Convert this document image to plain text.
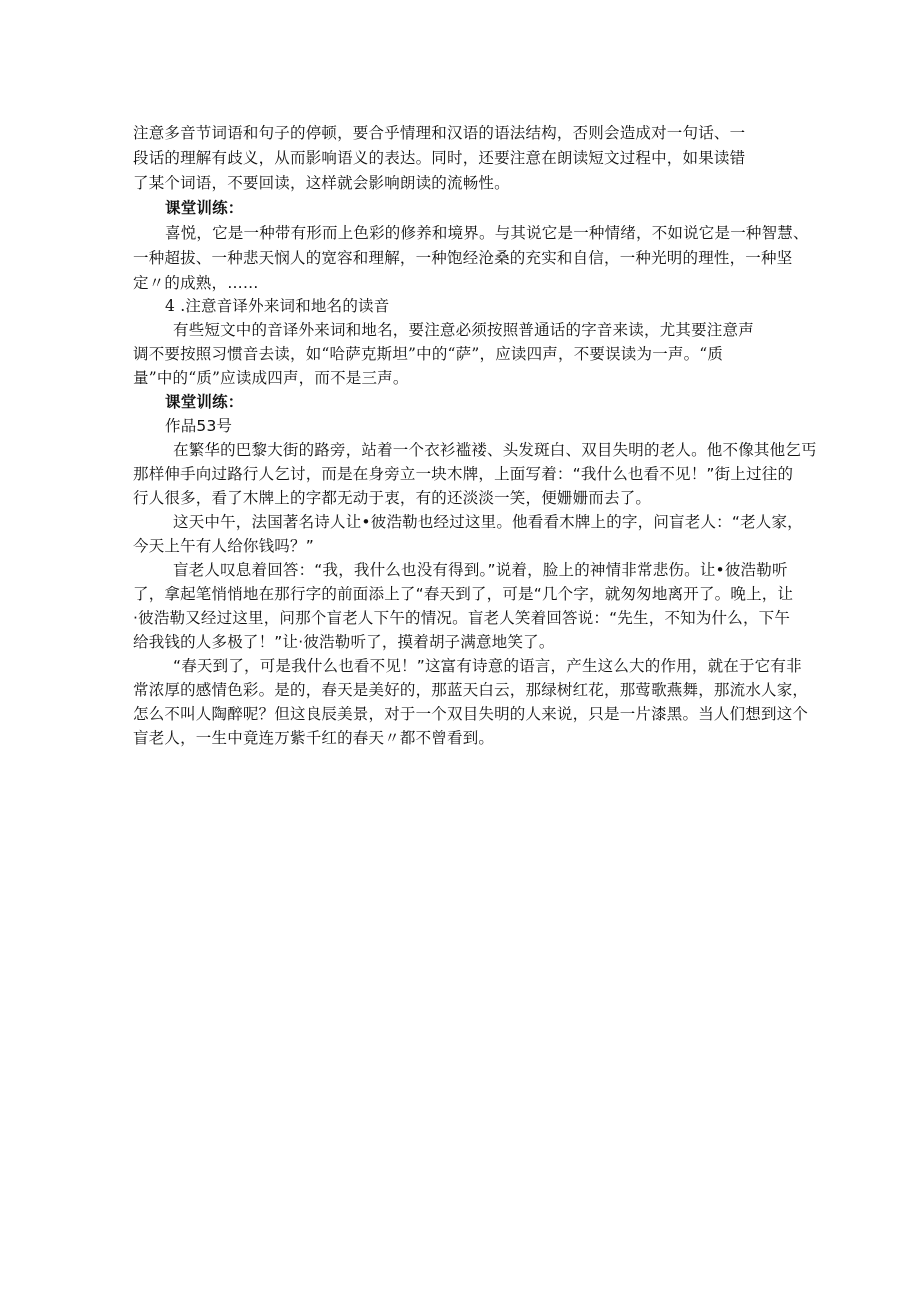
注意多音节词语和句子的停顿，要合乎情理和汉语的语法结构，否则会造成对一句话、一
段话的理解有歧义，从而影响语义的表达。同时，还要注意在朗读短文过程中，如果读错
了某个词语，不要回读，这样就会影响朗读的流畅性。
课堂训练：
喜悦，它是一种带有形而上色彩的修养和境界。与其说它是一种情绪，不如说它是一种智慧、
一种超拔、一种悲天悯人的宽容和理解，一种饱经沧桑的充实和自信，一种光明的理性，一种坚
定〃的成熟，……
4 .注意音译外来词和地名的读音
有些短文中的音译外来词和地名，要注意必须按照普通话的字音来读，尤其要注意声
调不要按照习惯音去读，如“哈萨克斯坦”中的“萨”，应读四声，不要误读为一声。“质
量”中的“质”应读成四声，而不是三声。
课堂训练：
作品53号
在繁华的巴黎大街的路旁，站着一个衣衫褴褛、头发斑白、双目失明的老人。他不像其他乞丐
那样伸手向过路行人乞讨，而是在身旁立一块木牌，上面写着：“我什么也看不见！”街上过往的
行人很多，看了木牌上的字都无动于衷，有的还淡淡一笑，便姗姗而去了。
这天中午，法国著名诗人让•彼浩勒也经过这里。他看看木牌上的字，问盲老人：“老人家，
今天上午有人给你钱吗？”
盲老人叹息着回答：“我，我什么也没有得到。”说着，脸上的神情非常悲伤。让•彼浩勒听
了，拿起笔悄悄地在那行字的前面添上了“春天到了，可是“几个字，就匆匆地离开了。晚上，让
·彼浩勒又经过这里，问那个盲老人下午的情况。盲老人笑着回答说：“先生，不知为什么，下午
给我钱的人多极了！”让·彼浩勒听了，摸着胡子满意地笑了。
“春天到了，可是我什么也看不见！”这富有诗意的语言，产生这么大的作用，就在于它有非
常浓厚的感情色彩。是的，春天是美好的，那蓝天白云，那绿树红花，那莺歌燕舞，那流水人家，
怎么不叫人陶醉呢？但这良辰美景，对于一个双目失明的人来说，只是一片漆黑。当人们想到这个
盲老人，一生中竟连万紫千红的春天〃都不曾看到。
